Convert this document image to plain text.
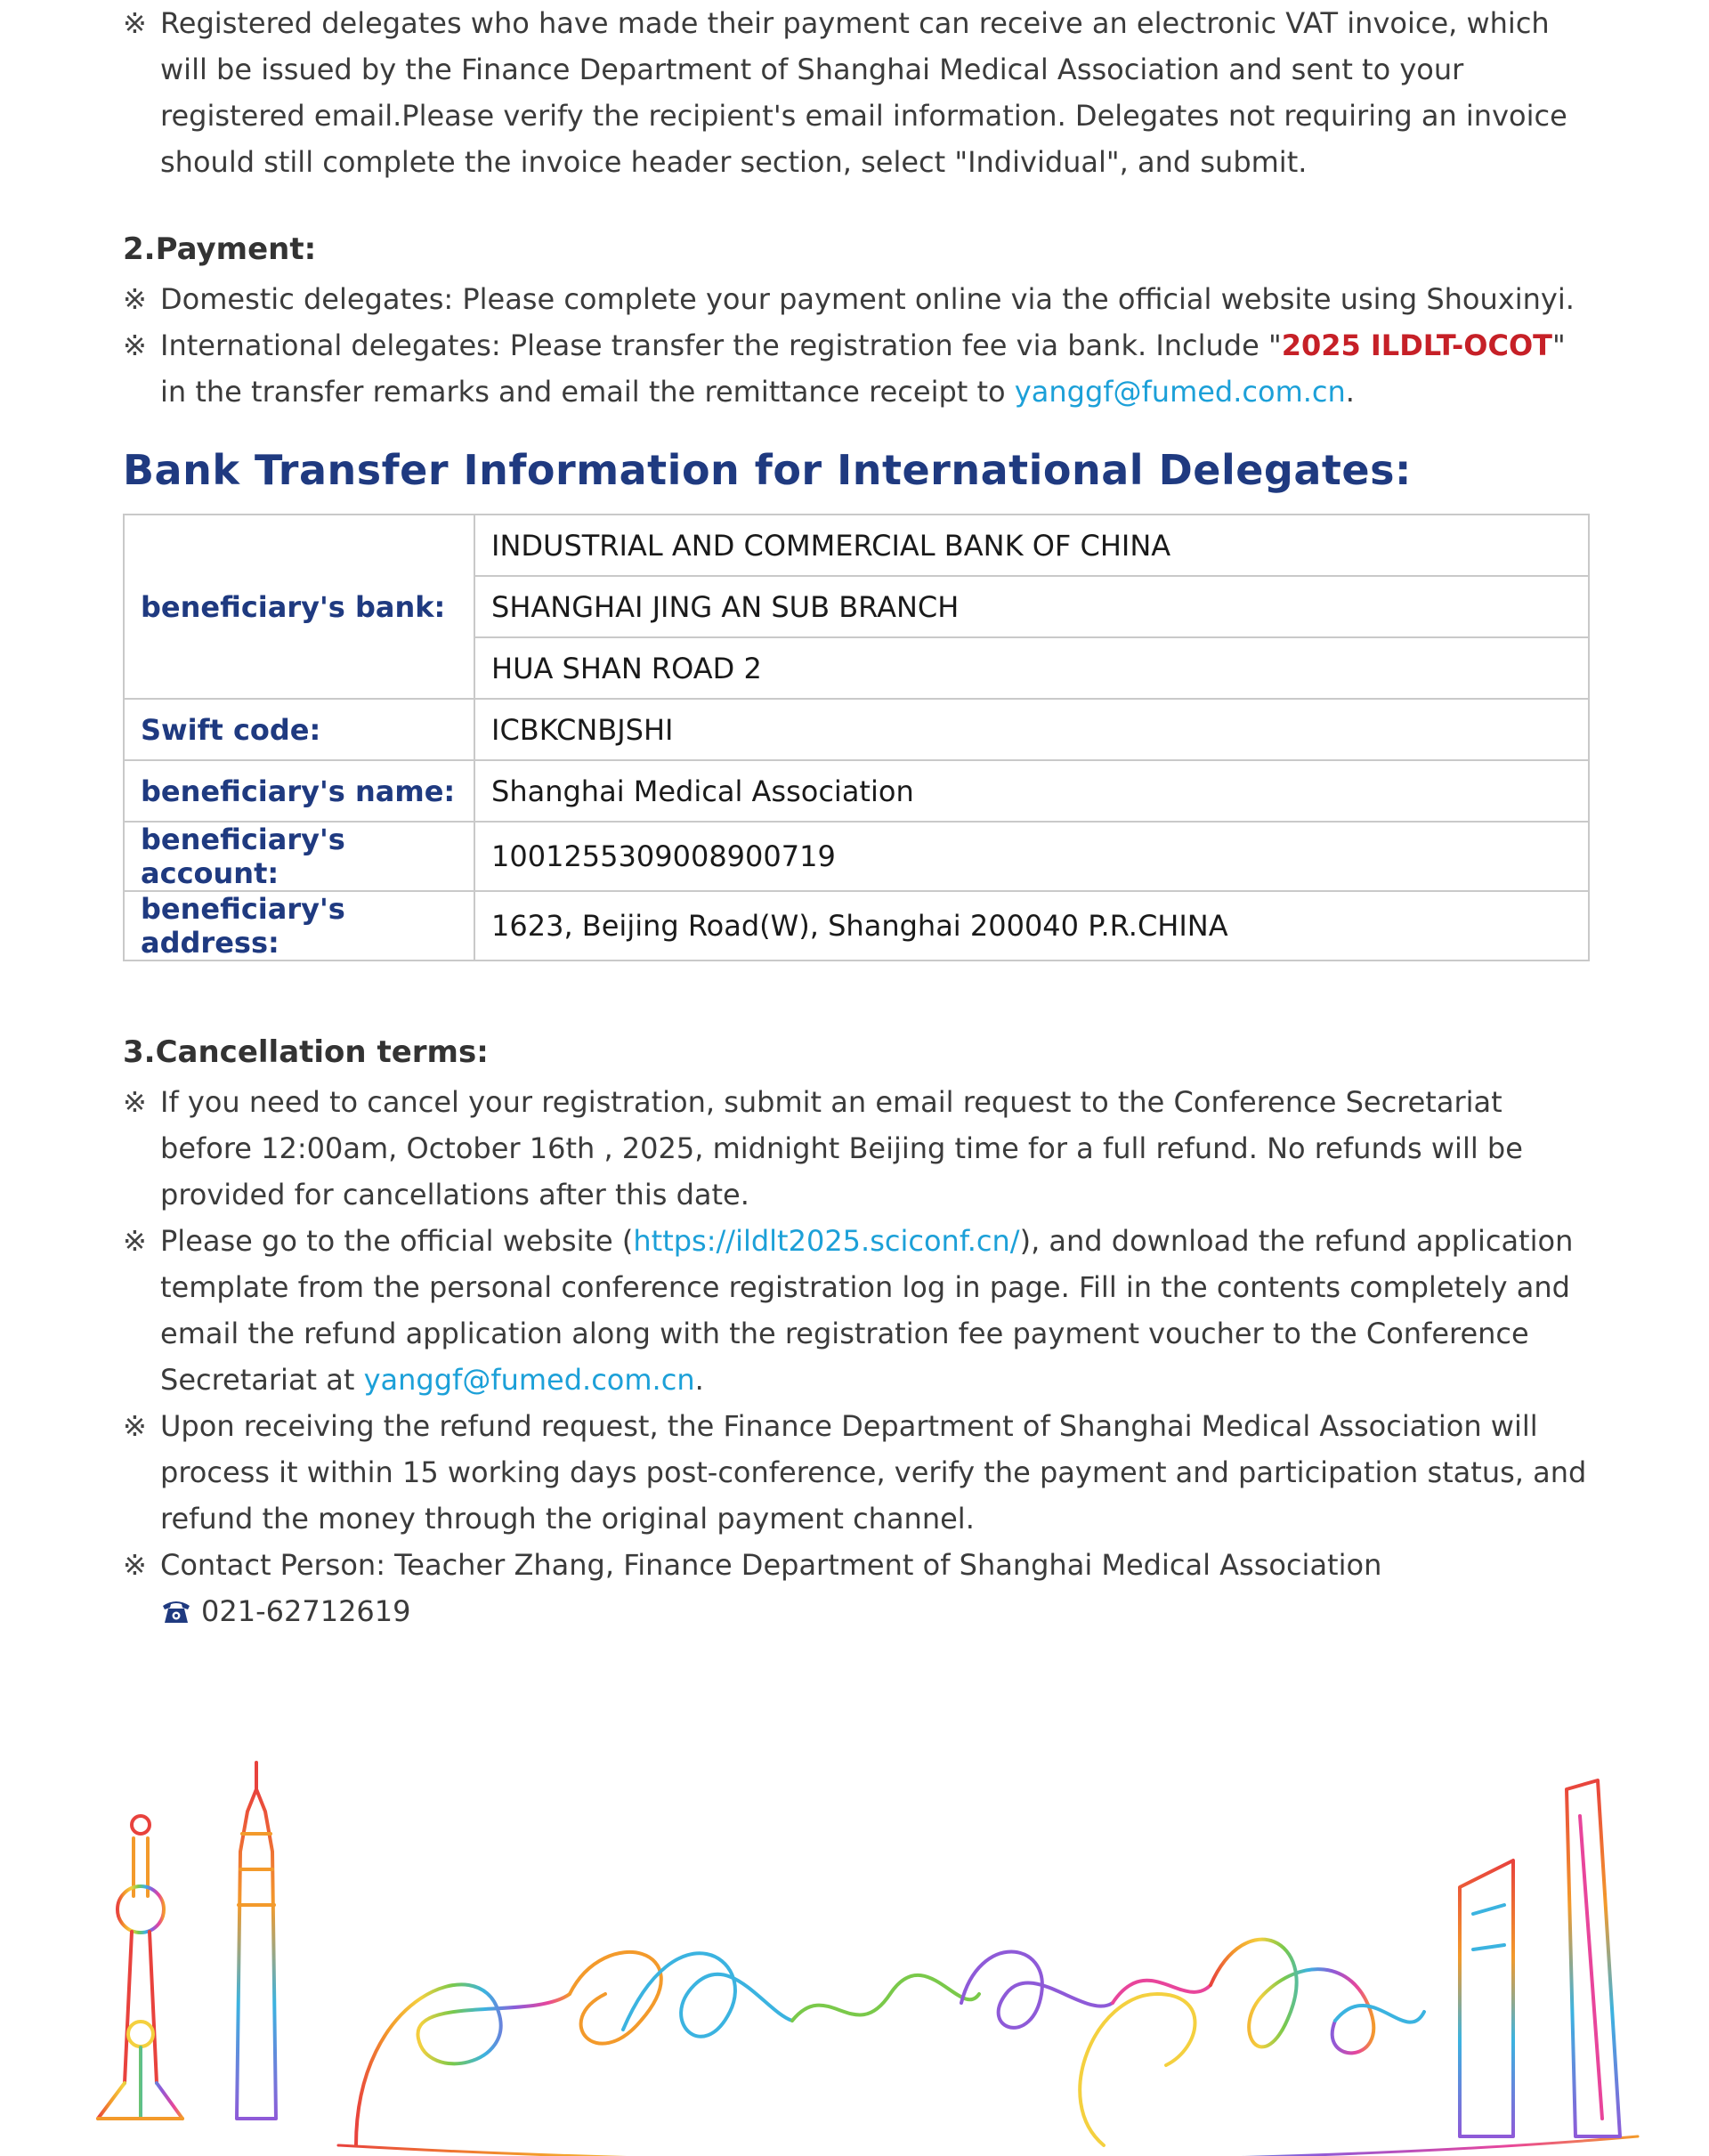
※ Registered delegates who have made their payment can receive an electronic VAT invoice, which will be issued by the Finance Department of Shanghai Medical Association and sent to your registered email.Please verify the recipient's email information. Delegates not requiring an invoice should still complete the invoice header section, select "Individual", and submit.
2.Payment:
※ Domestic delegates: Please complete your payment online via the official website using Shouxinyi.
※ International delegates: Please transfer the registration fee via bank. Include "2025 ILDLT-OCOT" in the transfer remarks and email the remittance receipt to yanggf@fumed.com.cn.
Bank Transfer Information for International Delegates:
beneficiary's bank:	INDUSTRIAL AND COMMERCIAL BANK OF CHINA
	SHANGHAI JING AN SUB BRANCH
	HUA SHAN ROAD 2
Swift code:	ICBKCNBJSHI
beneficiary's name:	Shanghai Medical Association
beneficiary's account:	1001255309008900719
beneficiary's address:	1623, Beijing Road(W), Shanghai 200040 P.R.CHINA
3.Cancellation terms:
※ If you need to cancel your registration, submit an email request to the Conference Secretariat before 12:00am, October 16th , 2025, midnight Beijing time for a full refund. No refunds will be provided for cancellations after this date.
※ Please go to the official website (https://ildlt2025.sciconf.cn/), and download the refund application template from the personal conference registration log in page. Fill in the contents completely and email the refund application along with the registration fee payment voucher to the Conference Secretariat at yanggf@fumed.com.cn.
※ Upon receiving the refund request, the Finance Department of Shanghai Medical Association will process it within 15 working days post-conference, verify the payment and participation status, and refund the money through the original payment channel.
※ Contact Person: Teacher Zhang, Finance Department of Shanghai Medical Association
021-62712619
